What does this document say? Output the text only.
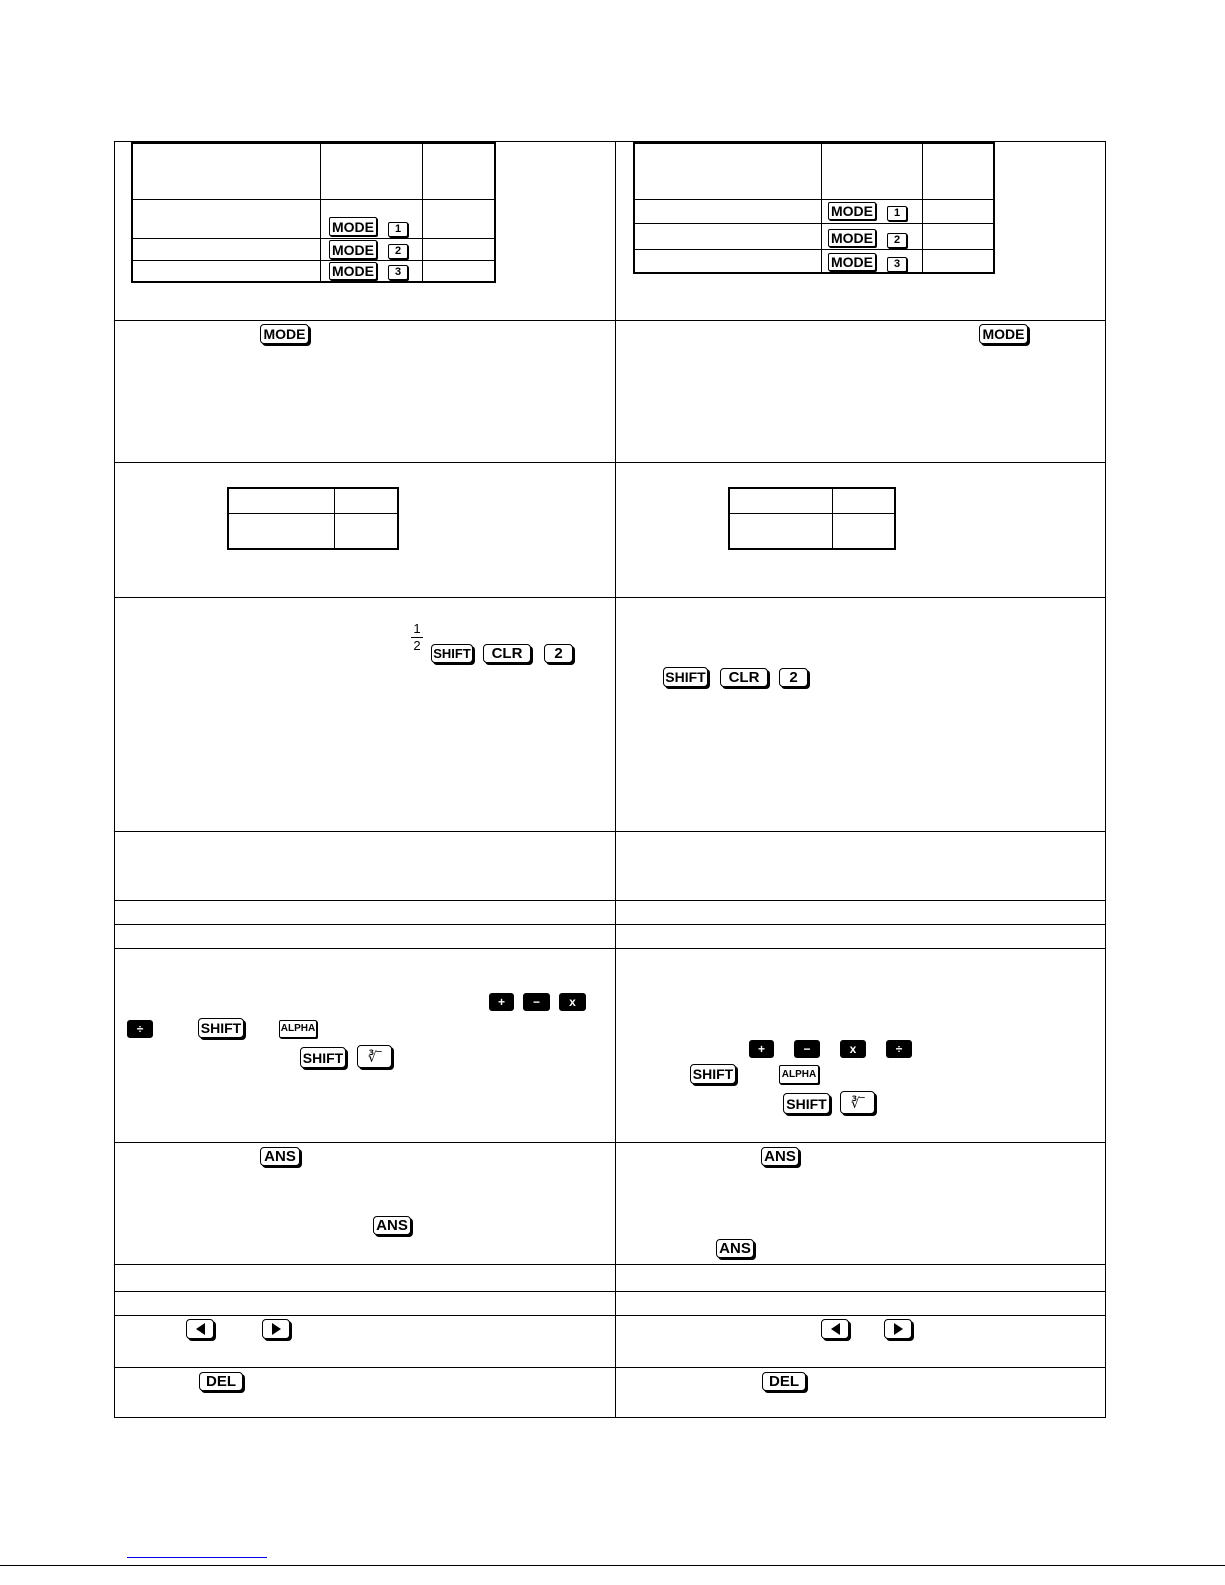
MODE	1
MODE	2
MODE	3
MODE	1
MODE	2
MODE	3
MODE	MODE
1
2
SHIFT	CLR	2
SHIFT	CLR	2
+	−	x
÷	SHIFT	ALPHA
SHIFT	∛‾	+	−	x	÷
SHIFT	ALPHA
SHIFT	∛‾
ANS
ANS
ANS
ANS
DEL	DEL
